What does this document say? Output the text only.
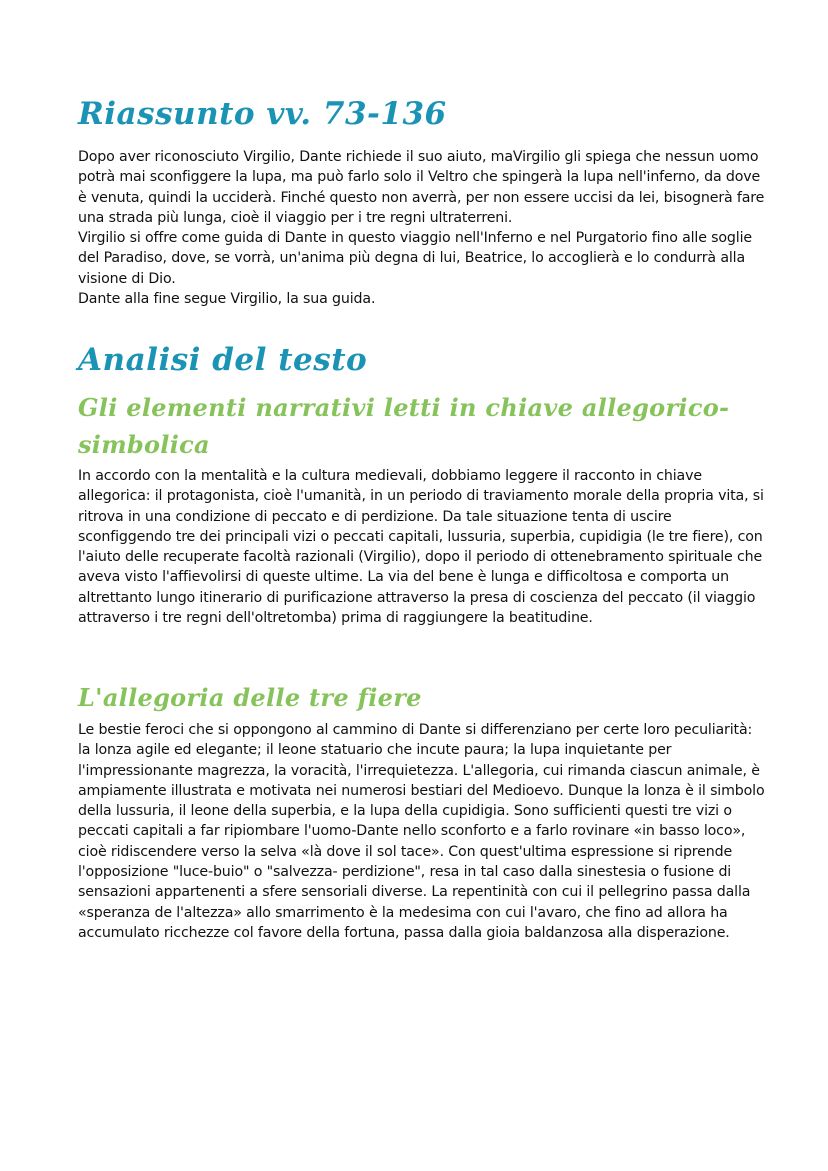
Riassunto vv. 73-136

Dopo aver riconosciuto Virgilio, Dante richiede il suo aiuto, maVirgilio gli spiega che nessun uomo potrà mai sconfiggere la lupa, ma può farlo solo il Veltro che spingerà la lupa nell'inferno, da dove è venuta, quindi la ucciderà. Finché questo non averrà, per non essere uccisi da lei, bisognerà fare una strada più lunga, cioè il viaggio per i tre regni ultraterreni.
Virgilio si offre come guida di Dante in questo viaggio nell'Inferno e nel Purgatorio fino alle soglie del Paradiso, dove, se vorrà, un'anima più degna di lui, Beatrice, lo accoglierà e lo condurrà alla visione di Dio.
Dante alla fine segue Virgilio, la sua guida.

Analisi del testo
Gli elementi narrativi letti in chiave allegorico-
simbolica

In accordo con la mentalità e la cultura medievali, dobbiamo leggere il racconto in chiave allegorica: il protagonista, cioè l'umanità, in un periodo di traviamento morale della propria vita, si ritrova in una condizione di peccato e di perdizione. Da tale situazione tenta di uscire sconfiggendo tre dei principali vizi o peccati capitali, lussuria, superbia, cupidigia (le tre fiere), con l'aiuto delle recuperate facoltà razionali (Virgilio), dopo il periodo di ottenebramento spirituale che aveva visto l'affievolirsi di queste ultime. La via del bene è lunga e difficoltosa e comporta un altrettanto lungo itinerario di purificazione attraverso la presa di coscienza del peccato (il viaggio attraverso i tre regni dell'oltretomba) prima di raggiungere la beatitudine.

L'allegoria delle tre fiere

Le bestie feroci che si oppongono al cammino di Dante si differenziano per certe loro peculiarità: la lonza agile ed elegante; il leone statuario che incute paura; la lupa inquietante per l'impressionante magrezza, la voracità, l'irrequietezza. L'allegoria, cui rimanda ciascun animale, è ampiamente illustrata e motivata nei numerosi bestiari del Medioevo. Dunque la lonza è il simbolo della lussuria, il leone della superbia, e la lupa della cupidigia. Sono sufficienti questi tre vizi o peccati capitali a far ripiombare l'uomo-Dante nello sconforto e a farlo rovinare «in basso loco», cioè ridiscendere verso la selva «là dove il sol tace». Con quest'ultima espressione si riprende l'opposizione "luce-buio" o "salvezza- perdizione", resa in tal caso dalla sinestesia o fusione di sensazioni appartenenti a sfere sensoriali diverse. La repentinità con cui il pellegrino passa dalla «speranza de l'altezza» allo smarrimento è la medesima con cui l'avaro, che fino ad allora ha accumulato ricchezze col favore della fortuna, passa dalla gioia baldanzosa alla disperazione.
